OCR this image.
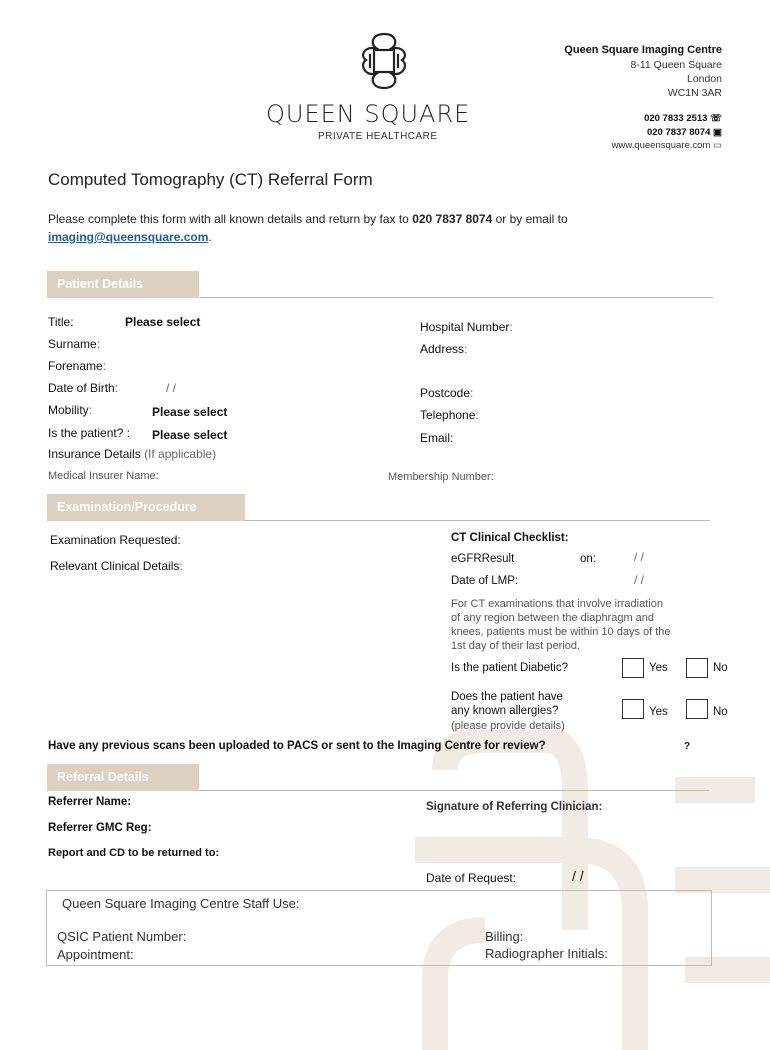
QUEEN SQUARE
PRIVATE HEALTHCARE
Queen Square Imaging Centre
8-11 Queen Square
London
WC1N 3AR
020 7833 2513 ☏
020 7837 8074 ▣
www.queensquare.com ▭
Computed Tomography (CT) Referral Form
Please complete this form with all known details and return by fax to 020 7837 8074 or by email to
imaging@queensquare.com.
Patient Details
Title:	Please select
Surname:
Forename:
Date of Birth:	/ /
Mobility:	Please select
Is the patient? : Please select
Insurance Details (If applicable)
Medical Insurer Name:	Membership Number:
Hospital Number:
Address:
Postcode:
Telephone:
Email:
Examination/Procedure
Examination Requested:
Relevant Clinical Details:
CT Clinical Checklist:
eGFRResult	on:	/ /
Date of LMP:	/ /
For CT examinations that involve irradiation
of any region between the diaphragm and
knees, patients must be within 10 days of the
1st day of their last period.
Is the patient Diabetic?	Yes	No
Does the patient have
any known allergies?
(please provide details)
Yes	No
Have any previous scans been uploaded to PACS or sent to the Imaging Centre for review?	?
Referral Details
Referrer Name:
Referrer GMC Reg:
Report and CD to be returned to:
Signature of Referring Clinician:
Date of Request:	/ /
Queen Square Imaging Centre Staff Use:
QSIC Patient Number:
Appointment:
Billing:
Radiographer Initials:
